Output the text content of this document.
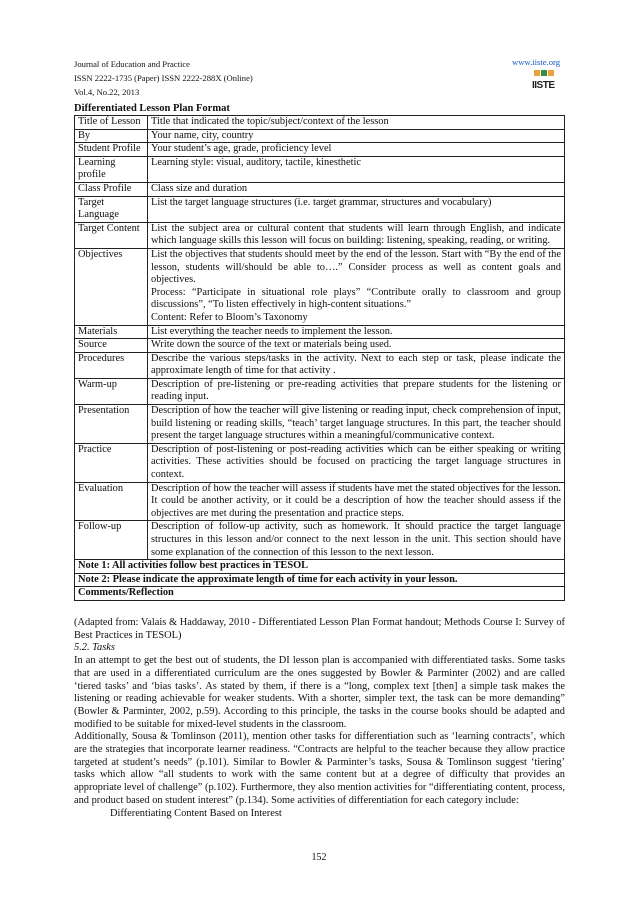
Journal of Education and Practice
ISSN 2222-1735 (Paper) ISSN 2222-288X (Online)
Vol.4, No.22, 2013
www.iiste.org
IISTE
Differentiated Lesson Plan Format
Title of Lesson	Title that indicated the topic/subject/context of the lesson

By	Your name, city, country

Student Profile	Your student’s age, grade, proficiency level

Learning profile	Learning style: visual, auditory, tactile, kinesthetic

Class Profile	Class size and duration

Target Language	List the target language structures (i.e. target grammar, structures and vocabulary)

Target Content	List the subject area or cultural content that students will learn through English, and indicate which language skills this lesson will focus on building: listening, speaking, reading, or writing.

Objectives	List the objectives that students should meet by the end of the lesson. Start with “By the end of the lesson, students will/should be able to….” Consider process as well as content goals and objectives.
Process: “Participate in situational role plays” “Contribute orally to classroom and group discussions”, “To listen effectively in high-content situations.”
Content: Refer to Bloom’s Taxonomy

Materials	List everything the teacher needs to implement the lesson.

Source	Write down the source of the text or materials being used.

Procedures	Describe the various steps/tasks in the activity. Next to each step or task, please indicate the approximate length of time for that activity .

Warm-up	Description of pre-listening or pre-reading activities that prepare students for the listening or reading input.

Presentation	Description of how the teacher will give listening or reading input, check comprehension of input, build listening or reading skills, “teach’ target language structures. In this part, the teacher should present the target language structures within a meaningful/communicative context.

Practice	Description of post-listening or post-reading activities which can be either speaking or writing activities. These activities should be focused on practicing the target language structures in context.

Evaluation	Description of how the teacher will assess if students have met the stated objectives for the lesson. It could be another activity, or it could be a description of how the teacher should assess if the objectives are met during the presentation and practice steps.

Follow-up	Description of follow-up activity, such as homework. It should practice the target language structures in this lesson and/or connect to the next lesson in the unit. This section should have some explanation of the connection of this lesson to the next lesson.

Note 1: All activities follow best practices in TESOL	
Note 2: Please indicate the approximate length of time for each activity in your lesson.	
Comments/Reflection	

(Adapted from: Valais & Haddaway, 2010 - Differentiated Lesson Plan Format handout; Methods Course I: Survey of Best Practices in TESOL)

5.2. Tasks

In an attempt to get the best out of students, the DI lesson plan is accompanied with differentiated tasks. Some tasks that are used in a differentiated curriculum are the ones suggested by Bowler & Parminter (2002) and are called ‘tiered tasks’ and ‘bias tasks’. As stated by them, if there is a “long, complex text [then] a simple task makes the listening or reading achievable for weaker students. With a shorter, simpler text, the task can be more demanding” (Bowler & Parminter, 2002, p.59). According to this principle, the tasks in the course books should be adapted and modified to be suitable for mixed-level students in the classroom.

Additionally, Sousa & Tomlinson (2011), mention other tasks for differentiation such as ‘learning contracts’, which are the strategies that incorporate learner readiness. “Contracts are helpful to the teacher because they allow practice targeted at student’s needs” (p.101). Similar to Bowler & Parminter’s tasks, Sousa & Tomlinson suggest ‘tiering’ tasks which allow “all students to work with the same content but at a degree of difficulty that provides an appropriate level of challenge” (p.102). Furthermore, they also mention activities for “differentiating content, process, and product based on student interest” (p.134). Some activities of differentiation for each category include:

Differentiating Content Based on Interest

152
